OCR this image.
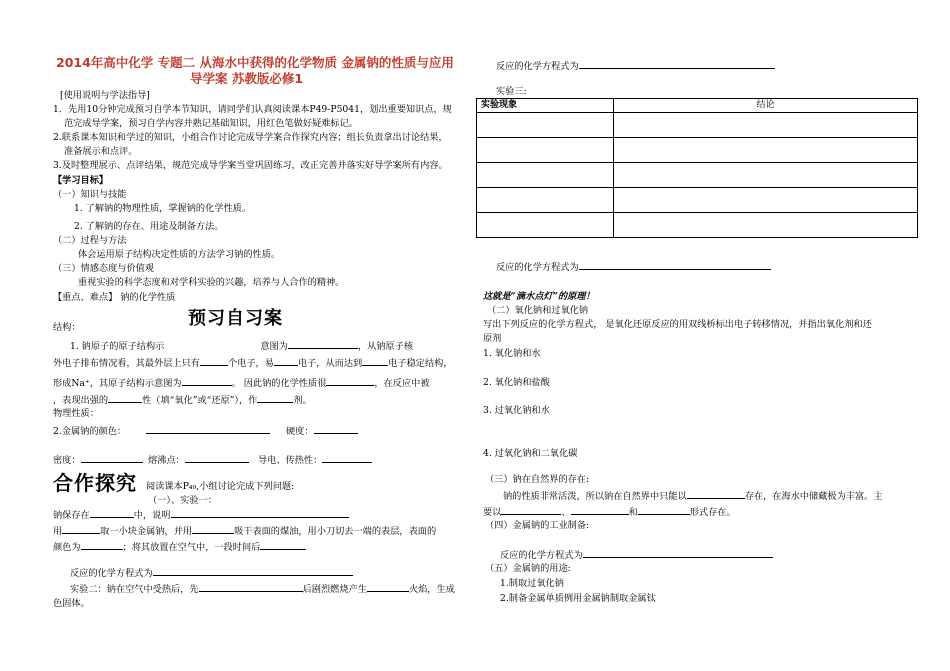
2014年高中化学 专题二 从海水中获得的化学物质 金属钠的性质与应用
导学案 苏教版必修1
[使用说明与学法指导]
1．先用10分钟完成预习自学本节知识，请同学们认真阅读课本P49-P5041，划出重要知识点，规
范完成导学案，预习自学内容并熟记基础知识，用红色笔做好疑难标记。
2.联系课本知识和学过的知识，小组合作讨论完成导学案合作探究内容；组长负责拿出讨论结果，
准备展示和点评。
3.及时整理展示、点评结果，规范完成导学案当堂巩固练习，改正完善并落实好导学案所有内容。
【学习目标】
（一）知识与技能
1. 了解钠的物理性质，掌握钠的化学性质。
2. 了解钠的存在、用途及制备方法。
（二）过程与方法
体会运用原子结构决定性质的方法学习钠的性质。
（三）情感态度与价值观
重视实验的科学态度和对学科实验的兴趣，培养与人合作的精神。
【重点、难点】 钠的化学性质
结构：	预习自习案
1. 钠原子的原子结构示	意图为	，从钠原子核
外电子排布情况看，其最外层上只有	个电子，易	电子，从而达到	电子稳定结构，
形成Na⁺，其原子结构示意图为	。 因此钠的化学性质很	，在反应中被
，表现出强的	性（填“氧化”或“还原”），作	剂。
物理性质：
2.金属钠的颜色：	硬度：
密度：	熔沸点：	导电、传热性：
合作探究 阅读课本P₄₉,小组讨论完成下列问题:
（一）、实验一：
钠保存在	中，说明
用	取一小块金属钠，并用	吸干表面的煤油，用小刀切去一端的表层，表面的
颜色为	；将其放置在空气中，一段时间后
反应的化学方程式为
实验二：钠在空气中受热后，先	后剧烈燃烧产生	火焰，生成
色固体。
反应的化学方程式为
实验三:
实验现象	结论

反应的化学方程式为
这就是“滴水点灯”的原理！
（二）氧化钠和过氧化钠
写出下列反应的化学方程式， 是氧化还原反应的用双线桥标出电子转移情况，并指出氧化剂和还
原剂
1. 氧化钠和水
2. 氧化钠和盐酸
3. 过氧化钠和水
4. 过氧化钠和二氧化碳
（三）钠在自然界的存在:
钠的性质非常活泼，所以钠在自然界中只能以	存在，在海水中储藏极为丰富。主
要以	、	和	形式存在。
（四）金属钠的工业制备:
反应的化学方程式为
（五）金属钠的用途:
1.制取过氧化钠
2.制备金属单质例用金属钠制取金属钛
